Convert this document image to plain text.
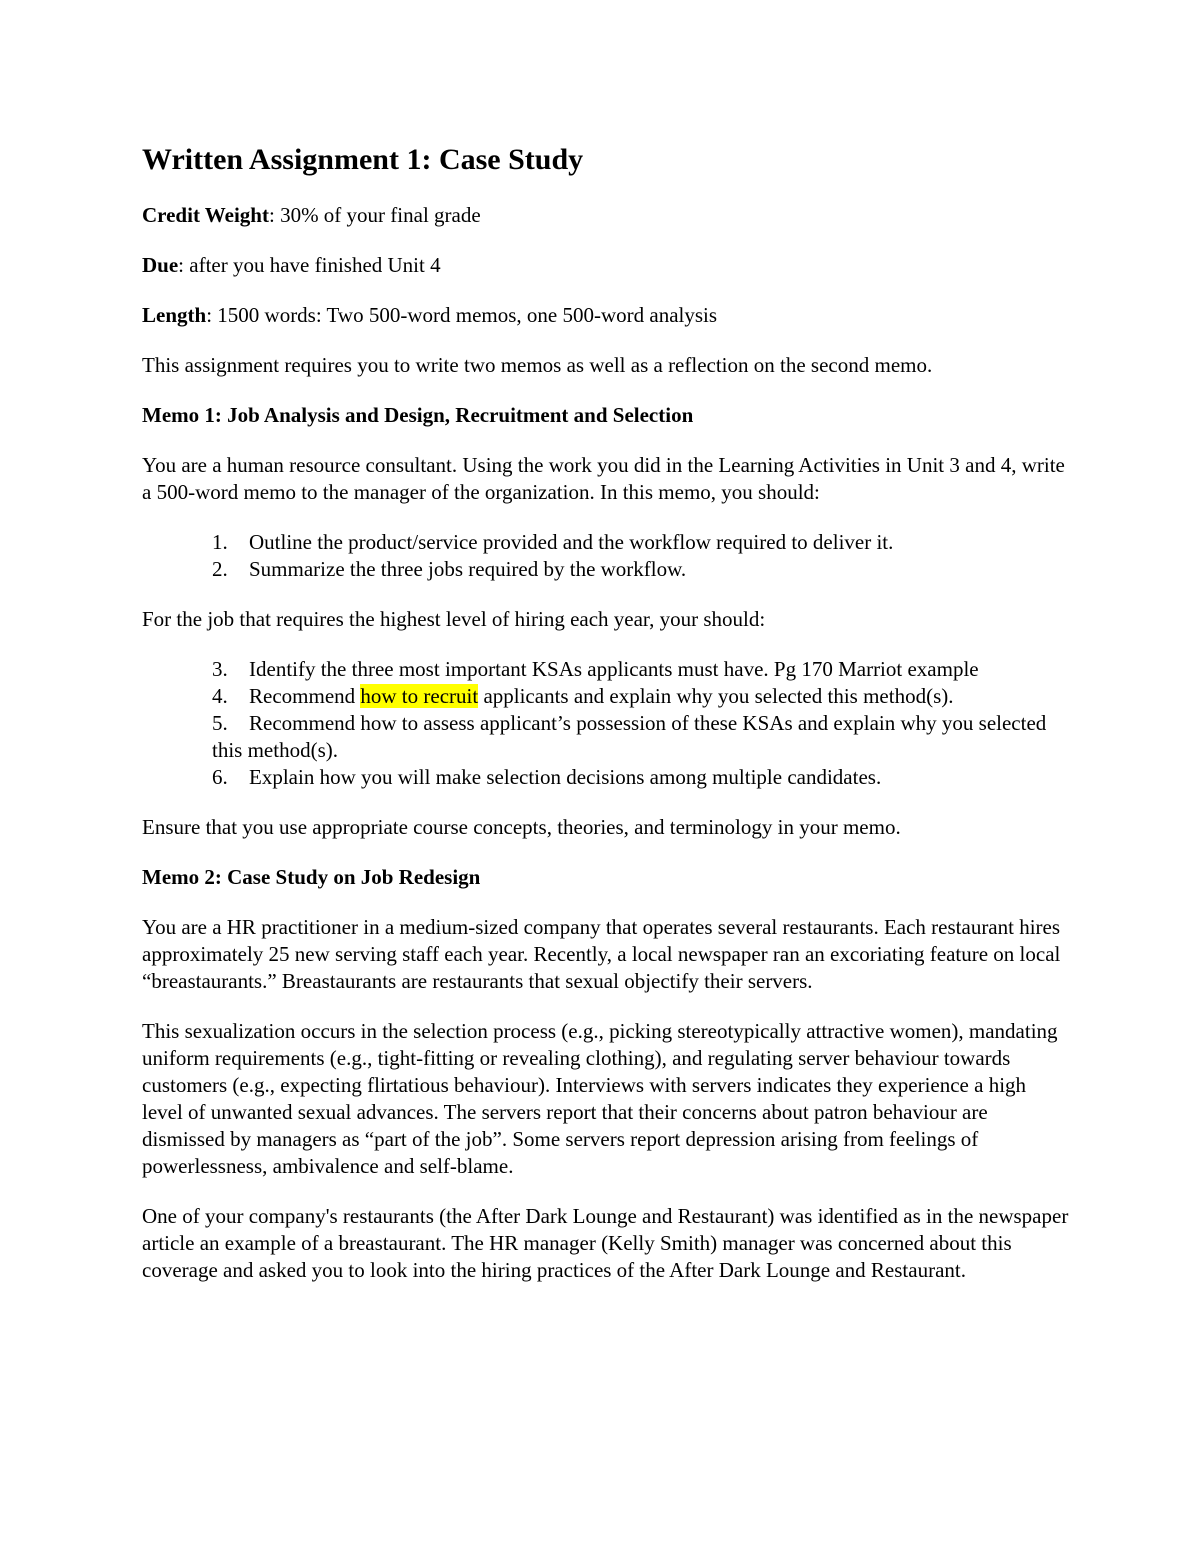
Written Assignment 1: Case Study

Credit Weight: 30% of your final grade

Due: after you have finished Unit 4

Length: 1500 words: Two 500-word memos, one 500-word analysis

This assignment requires you to write two memos as well as a reflection on the second memo.

Memo 1: Job Analysis and Design, Recruitment and Selection

You are a human resource consultant. Using the work you did in the Learning Activities in Unit 3 and 4, write a 500-word memo to the manager of the organization. In this memo, you should:

1. Outline the product/service provided and the workflow required to deliver it.
2. Summarize the three jobs required by the workflow.

For the job that requires the highest level of hiring each year, your should:

3. Identify the three most important KSAs applicants must have. Pg 170 Marriot example
4. Recommend how to recruit applicants and explain why you selected this method(s).
5. Recommend how to assess applicant’s possession of these KSAs and explain why you selected this method(s).
6. Explain how you will make selection decisions among multiple candidates.

Ensure that you use appropriate course concepts, theories, and terminology in your memo.

Memo 2: Case Study on Job Redesign

You are a HR practitioner in a medium-sized company that operates several restaurants. Each restaurant hires approximately 25 new serving staff each year. Recently, a local newspaper ran an excoriating feature on local “breastaurants.” Breastaurants are restaurants that sexual objectify their servers.

This sexualization occurs in the selection process (e.g., picking stereotypically attractive women), mandating uniform requirements (e.g., tight-fitting or revealing clothing), and regulating server behaviour towards customers (e.g., expecting flirtatious behaviour). Interviews with servers indicates they experience a high level of unwanted sexual advances. The servers report that their concerns about patron behaviour are dismissed by managers as “part of the job”. Some servers report depression arising from feelings of powerlessness, ambivalence and self-blame.

One of your company's restaurants (the After Dark Lounge and Restaurant) was identified as in the newspaper article an example of a breastaurant. The HR manager (Kelly Smith) manager was concerned about this coverage and asked you to look into the hiring practices of the After Dark Lounge and Restaurant.
